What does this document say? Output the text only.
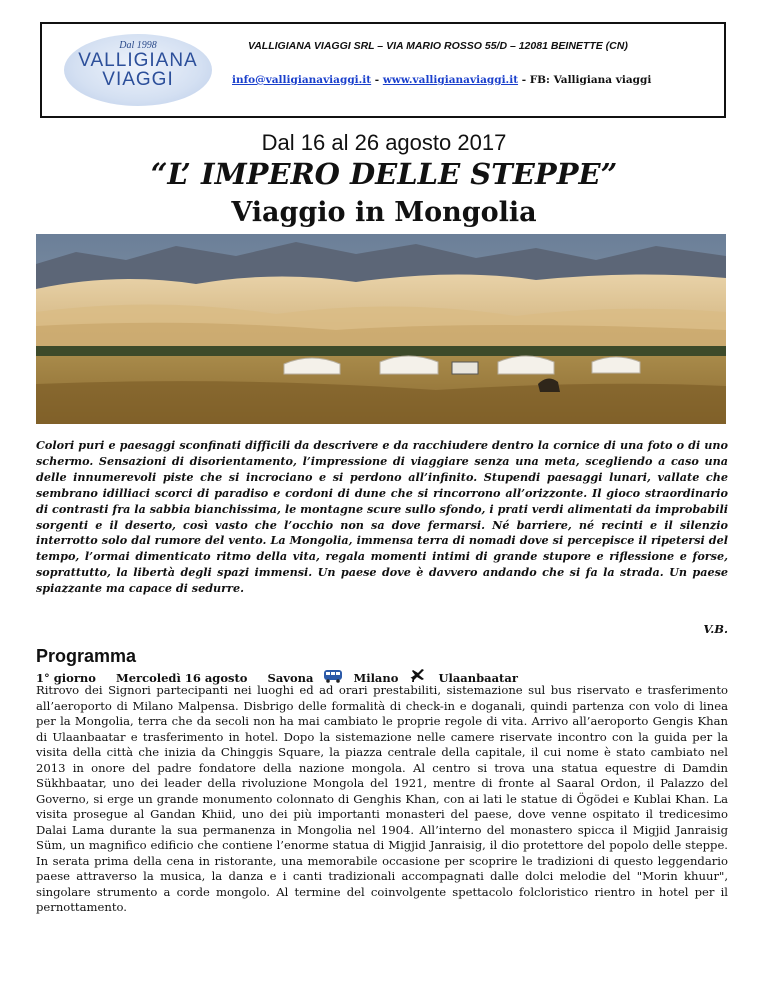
Dal 1998
VALLIGIANA
VIAGGI
VALLIGIANA VIAGGI SRL – VIA MARIO ROSSO 55/D – 12081 BEINETTE (CN)
info@valligianaviaggi.it - www.valligianaviaggi.it - FB: Valligiana viaggi
Dal 16 al 26 agosto 2017
“L’ IMPERO DELLE STEPPE”
Viaggio in Mongolia
Colori puri e paesaggi sconfinati difficili da descrivere e da racchiudere dentro la cornice di una foto o di uno schermo. Sensazioni di disorientamento, l’impressione di viaggiare senza una meta, scegliendo a caso una delle innumerevoli piste che si incrociano e si perdono all’infinito. Stupendi paesaggi lunari, vallate che sembrano idilliaci scorci di paradiso e cordoni di dune che si rincorrono all’orizzonte. Il gioco straordinario di contrasti fra la sabbia bianchissima, le montagne scure sullo sfondo, i prati verdi alimentati da improbabili sorgenti e il deserto, così vasto che l’occhio non sa dove fermarsi. Né barriere, né recinti e il silenzio interrotto solo dal rumore del vento. La Mongolia, immensa terra di nomadi dove si percepisce il ripetersi del tempo, l’ormai dimenticato ritmo della vita, regala momenti intimi di grande stupore e riflessione e forse, soprattutto, la libertà degli spazi immensi. Un paese dove è davvero andando che si fa la strada. Un paese spiazzante ma capace di sedurre.
V.B.
Programma
1° giorno Mercoledì 16 agosto Savona	Milano	Ulaanbaatar
Ritrovo dei Signori partecipanti nei luoghi ed ad orari prestabiliti, sistemazione sul bus riservato e trasferimento all’aeroporto di Milano Malpensa. Disbrigo delle formalità di check-in e doganali, quindi partenza con volo di linea per la Mongolia, terra che da secoli non ha mai cambiato le proprie regole di vita. Arrivo all’aeroporto Gengis Khan di Ulaanbaatar e trasferimento in hotel. Dopo la sistemazione nelle camere riservate incontro con la guida per la visita della città che inizia da Chinggis Square, la piazza centrale della capitale, il cui nome è stato cambiato nel 2013 in onore del padre fondatore della nazione mongola. Al centro si trova una statua equestre di Damdin Sükhbaatar, uno dei leader della rivoluzione Mongola del 1921, mentre di fronte al Saaral Ordon, il Palazzo del Governo, si erge un grande monumento colonnato di Genghis Khan, con ai lati le statue di Ögödei e Kublai Khan. La visita prosegue al Gandan Khiid, uno dei più importanti monasteri del paese, dove venne ospitato il tredicesimo Dalai Lama durante la sua permanenza in Mongolia nel 1904. All’interno del monastero spicca il Migjid Janraisig Süm, un magnifico edificio che contiene l’enorme statua di Migjid Janraisig, il dio protettore del popolo delle steppe. In serata prima della cena in ristorante, una memorabile occasione per scoprire le tradizioni di questo leggendario paese attraverso la musica, la danza e i canti tradizionali accompagnati dalle dolci melodie del "Morin khuur", singolare strumento a corde mongolo. Al termine del coinvolgente spettacolo folcloristico rientro in hotel per il pernottamento.
